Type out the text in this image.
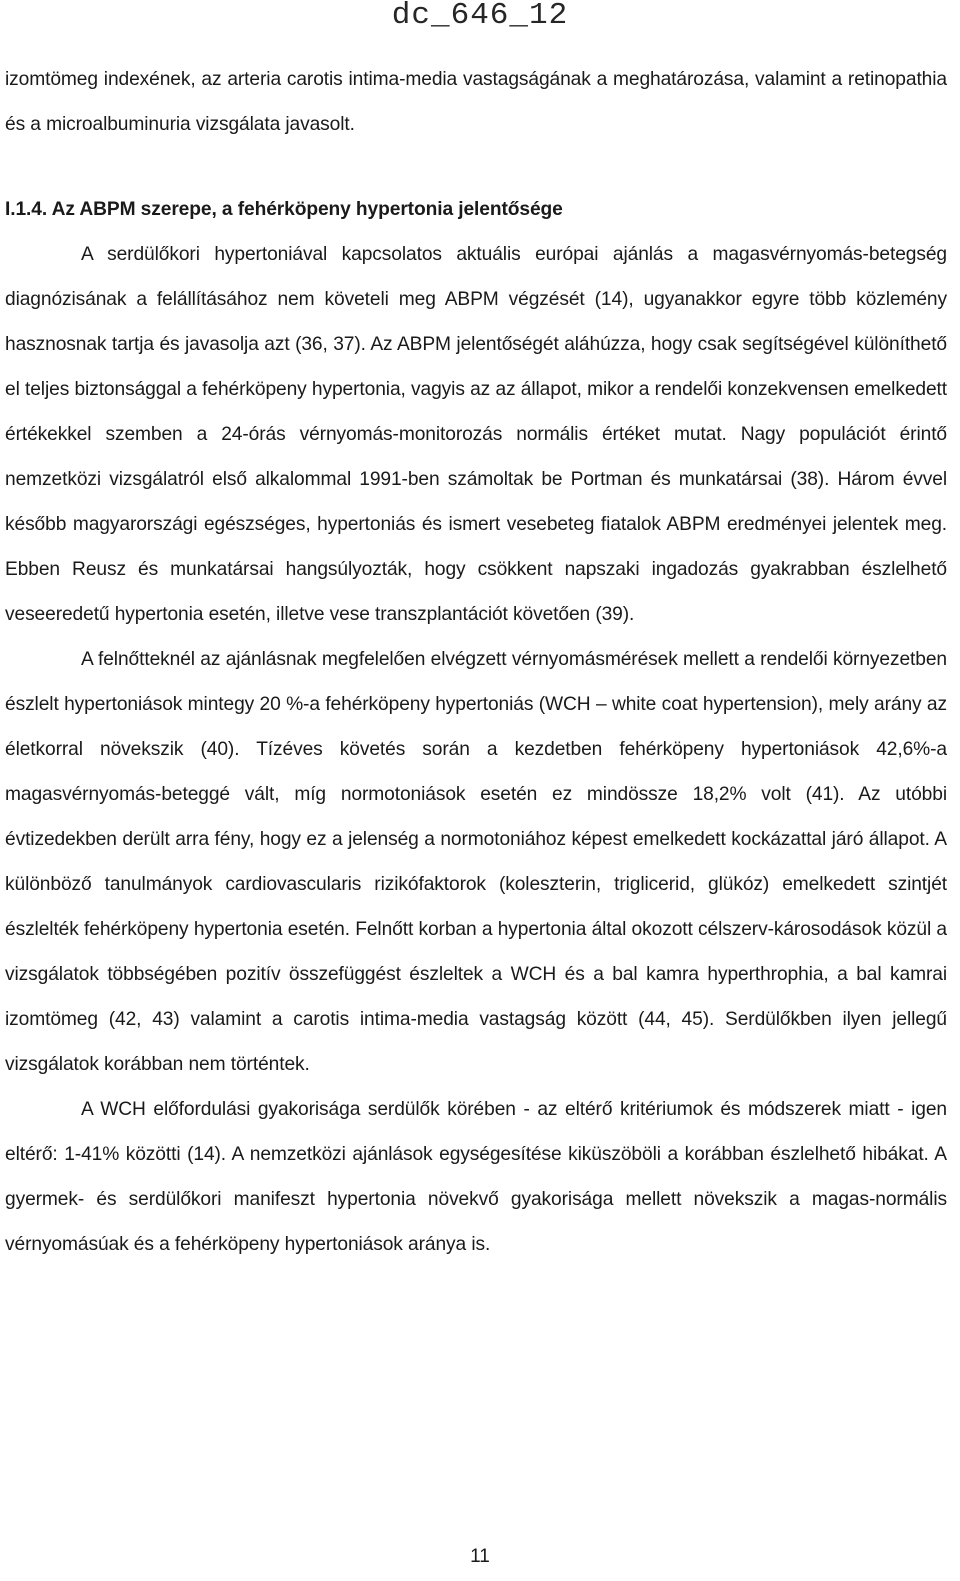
dc_646_12

izomtömeg indexének, az arteria carotis intima-media vastagságának a meghatározása, valamint a retinopathia és a microalbuminuria vizsgálata javasolt.

I.1.4. Az ABPM szerepe, a fehérköpeny hypertonia jelentősége

A serdülőkori hypertoniával kapcsolatos aktuális európai ajánlás a magasvérnyomás-betegség diagnózisának a felállításához nem követeli meg ABPM végzését (14), ugyanakkor egyre több közlemény hasznosnak tartja és javasolja azt (36, 37). Az ABPM jelentőségét aláhúzza, hogy csak segítségével különíthető el teljes biztonsággal a fehérköpeny hypertonia, vagyis az az állapot, mikor a rendelői konzekvensen emelkedett értékekkel szemben a 24-órás vérnyomás-monitorozás normális értéket mutat. Nagy populációt érintő nemzetközi vizsgálatról első alkalommal 1991-ben számoltak be Portman és munkatársai (38). Három évvel később magyarországi egészséges, hypertoniás és ismert vesebeteg fiatalok ABPM eredményei jelentek meg. Ebben Reusz és munkatársai hangsúlyozták, hogy csökkent napszaki ingadozás gyakrabban észlelhető veseeredetű hypertonia esetén, illetve vese transzplantációt követően (39).

A felnőtteknél az ajánlásnak megfelelően elvégzett vérnyomásmérések mellett a rendelői környezetben észlelt hypertoniások mintegy 20 %-a fehérköpeny hypertoniás (WCH – white coat hypertension), mely arány az életkorral növekszik (40). Tízéves követés során a kezdetben fehérköpeny hypertoniások 42,6%-a magasvérnyomás-beteggé vált, míg normotoniások esetén ez mindössze 18,2% volt (41). Az utóbbi évtizedekben derült arra fény, hogy ez a jelenség a normotoniához képest emelkedett kockázattal járó állapot. A különböző tanulmányok cardiovascularis rizikófaktorok (koleszterin, triglicerid, glükóz) emelkedett szintjét észlelték fehérköpeny hypertonia esetén. Felnőtt korban a hypertonia által okozott célszerv-károsodások közül a vizsgálatok többségében pozitív összefüggést észleltek a WCH és a bal kamra hyperthrophia, a bal kamrai izomtömeg (42, 43) valamint a carotis intima-media vastagság között (44, 45). Serdülőkben ilyen jellegű vizsgálatok korábban nem történtek.

A WCH előfordulási gyakorisága serdülők körében - az eltérő kritériumok és módszerek miatt - igen eltérő: 1-41% közötti (14). A nemzetközi ajánlások egységesítése kiküszöböli a korábban észlelhető hibákat. A gyermek- és serdülőkori manifeszt hypertonia növekvő gyakorisága mellett növekszik a magas-normális vérnyomásúak és a fehérköpeny hypertoniások aránya is.

11
